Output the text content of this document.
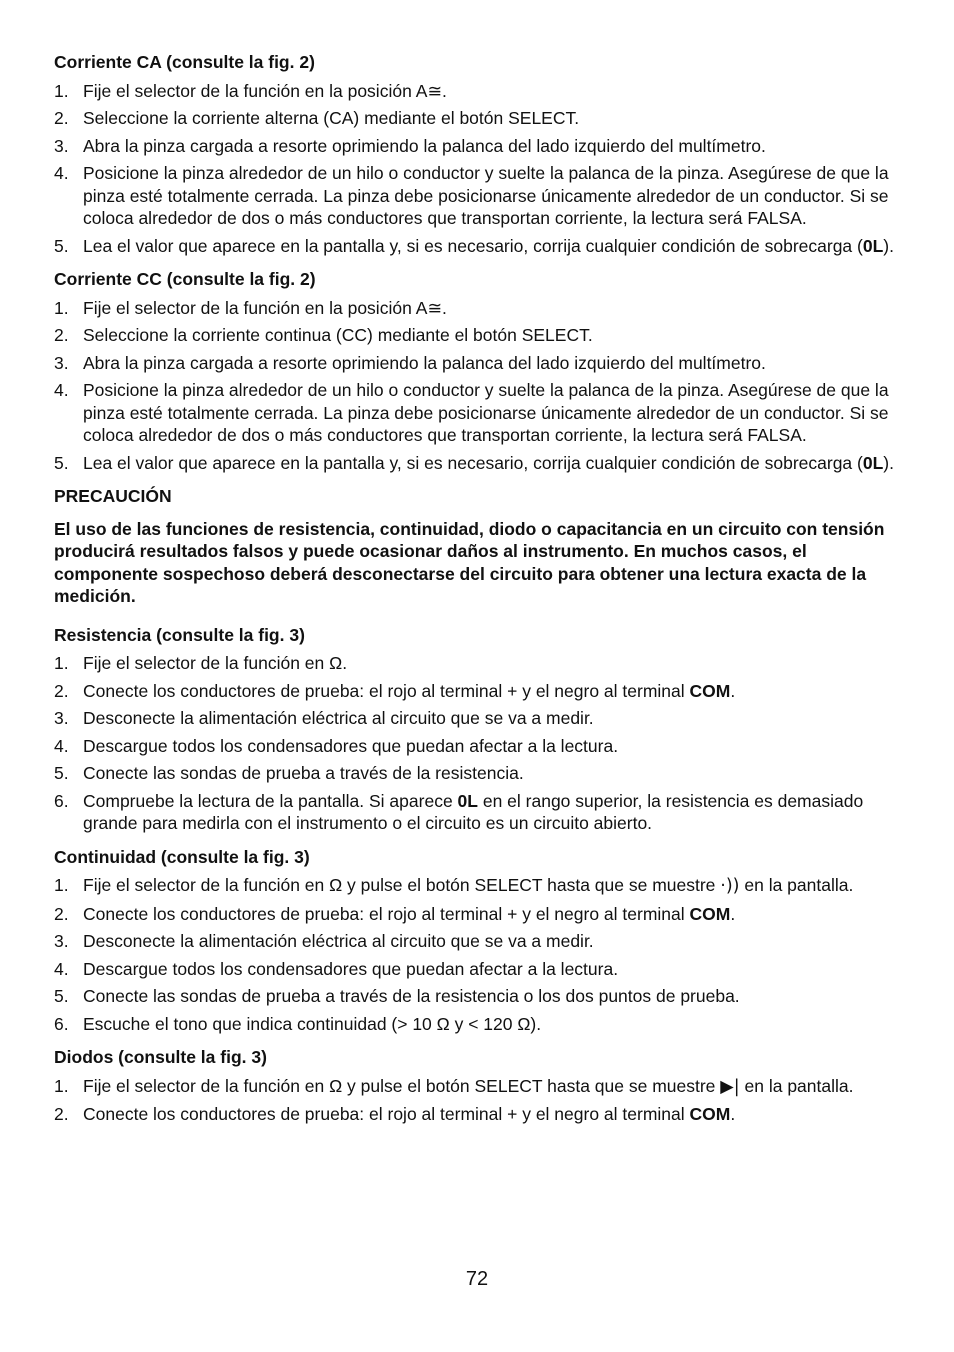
Corriente CA (consulte la fig. 2)
1. Fije el selector de la función en la posición A≅.
2. Seleccione la corriente alterna (CA) mediante el botón SELECT.
3. Abra la pinza cargada a resorte oprimiendo la palanca del lado izquierdo del multímetro.
4. Posicione la pinza alrededor de un hilo o conductor y suelte la palanca de la pinza. Asegúrese de que la pinza esté totalmente cerrada. La pinza debe posicionarse únicamente alrededor de un conductor. Si se coloca alrededor de dos o más conductores que transportan corriente, la lectura será FALSA.
5. Lea el valor que aparece en la pantalla y, si es necesario, corrija cualquier condición de sobrecarga (0L).
Corriente CC (consulte la fig. 2)
1. Fije el selector de la función en la posición A≅.
2. Seleccione la corriente continua (CC) mediante el botón SELECT.
3. Abra la pinza cargada a resorte oprimiendo la palanca del lado izquierdo del multímetro.
4. Posicione la pinza alrededor de un hilo o conductor y suelte la palanca de la pinza. Asegúrese de que la pinza esté totalmente cerrada. La pinza debe posicionarse únicamente alrededor de un conductor. Si se coloca alrededor de dos o más conductores que transportan corriente, la lectura será FALSA.
5. Lea el valor que aparece en la pantalla y, si es necesario, corrija cualquier condición de sobrecarga (0L).
PRECAUCIÓN
El uso de las funciones de resistencia, continuidad, diodo o capacitancia en un circuito con tensión producirá resultados falsos y puede ocasionar daños al instrumento. En muchos casos, el componente sospechoso deberá desconectarse del circuito para obtener una lectura exacta de la medición.
Resistencia (consulte la fig. 3)
1. Fije el selector de la función en Ω.
2. Conecte los conductores de prueba: el rojo al terminal + y el negro al terminal COM.
3. Desconecte la alimentación eléctrica al circuito que se va a medir.
4. Descargue todos los condensadores que puedan afectar a la lectura.
5. Conecte las sondas de prueba a través de la resistencia.
6. Compruebe la lectura de la pantalla. Si aparece 0L en el rango superior, la resistencia es demasiado grande para medirla con el instrumento o el circuito es un circuito abierto.
Continuidad (consulte la fig. 3)
1. Fije el selector de la función en Ω y pulse el botón SELECT hasta que se muestre ·)) en la pantalla.
2. Conecte los conductores de prueba: el rojo al terminal + y el negro al terminal COM.
3. Desconecte la alimentación eléctrica al circuito que se va a medir.
4. Descargue todos los condensadores que puedan afectar a la lectura.
5. Conecte las sondas de prueba a través de la resistencia o los dos puntos de prueba.
6. Escuche el tono que indica continuidad (> 10 Ω y < 120 Ω).
Diodos (consulte la fig. 3)
1. Fije el selector de la función en Ω y pulse el botón SELECT hasta que se muestre ▶| en la pantalla.
2. Conecte los conductores de prueba: el rojo al terminal + y el negro al terminal COM.
72
